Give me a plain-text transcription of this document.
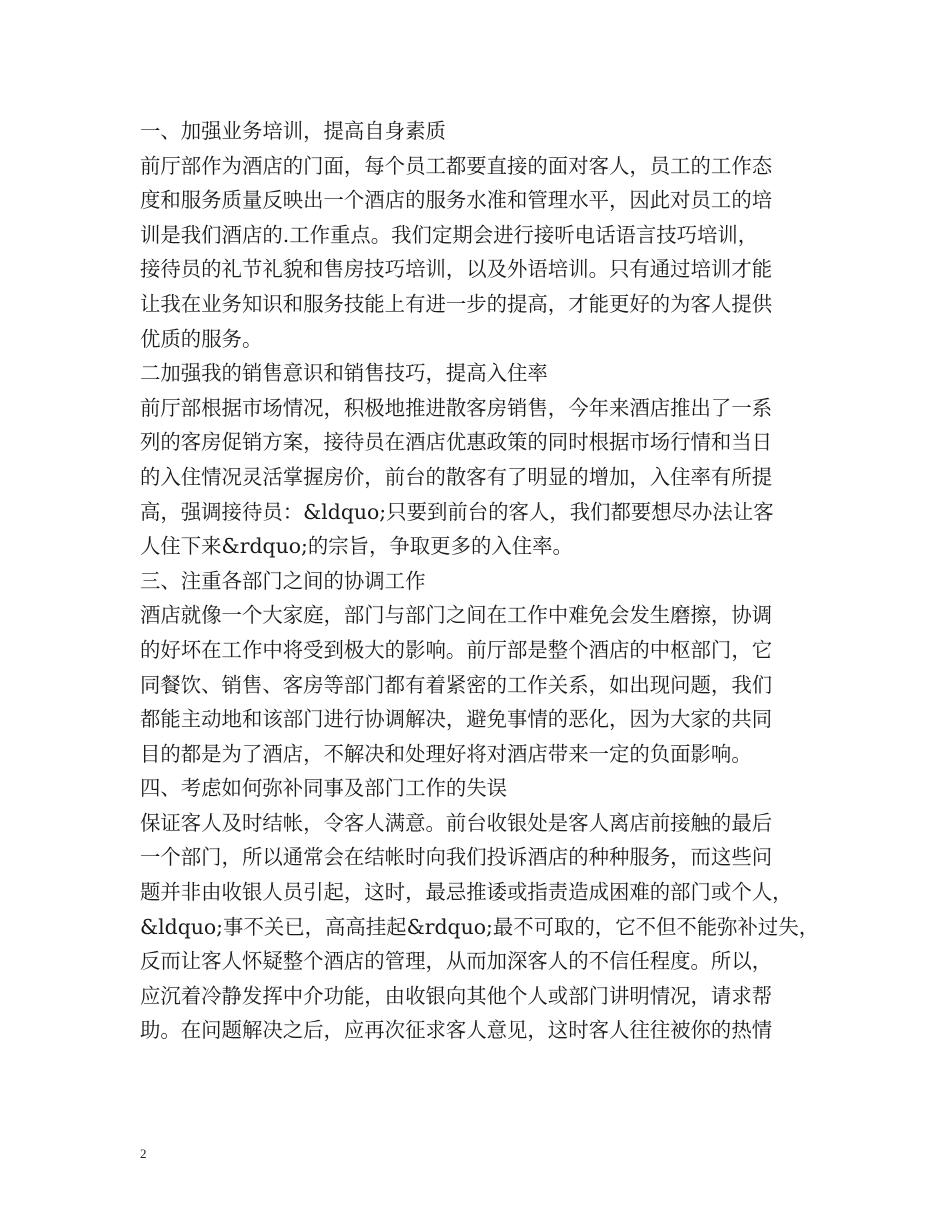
一、加强业务培训，提高自身素质
前厅部作为酒店的门面，每个员工都要直接的面对客人，员工的工作态
度和服务质量反映出一个酒店的服务水准和管理水平，因此对员工的培
训是我们酒店的.工作重点。我们定期会进行接听电话语言技巧培训，
接待员的礼节礼貌和售房技巧培训，以及外语培训。只有通过培训才能
让我在业务知识和服务技能上有进一步的提高，才能更好的为客人提供
优质的服务。
二加强我的销售意识和销售技巧，提高入住率
前厅部根据市场情况，积极地推进散客房销售，今年来酒店推出了一系
列的客房促销方案，接待员在酒店优惠政策的同时根据市场行情和当日
的入住情况灵活掌握房价，前台的散客有了明显的增加，入住率有所提
高，强调接待员：&ldquo;只要到前台的客人，我们都要想尽办法让客
人住下来&rdquo;的宗旨，争取更多的入住率。
三、注重各部门之间的协调工作
酒店就像一个大家庭，部门与部门之间在工作中难免会发生磨擦，协调
的好坏在工作中将受到极大的影响。前厅部是整个酒店的中枢部门，它
同餐饮、销售、客房等部门都有着紧密的工作关系，如出现问题，我们
都能主动地和该部门进行协调解决，避免事情的恶化，因为大家的共同
目的都是为了酒店，不解决和处理好将对酒店带来一定的负面影响。
四、考虑如何弥补同事及部门工作的失误
保证客人及时结帐，令客人满意。前台收银处是客人离店前接触的最后
一个部门，所以通常会在结帐时向我们投诉酒店的种种服务，而这些问
题并非由收银人员引起，这时，最忌推诿或指责造成困难的部门或个人，
&ldquo;事不关已，高高挂起&rdquo;最不可取的，它不但不能弥补过失，
反而让客人怀疑整个酒店的管理，从而加深客人的不信任程度。所以，
应沉着冷静发挥中介功能，由收银向其他个人或部门讲明情况，请求帮
助。在问题解决之后，应再次征求客人意见，这时客人往往被你的热情
2
